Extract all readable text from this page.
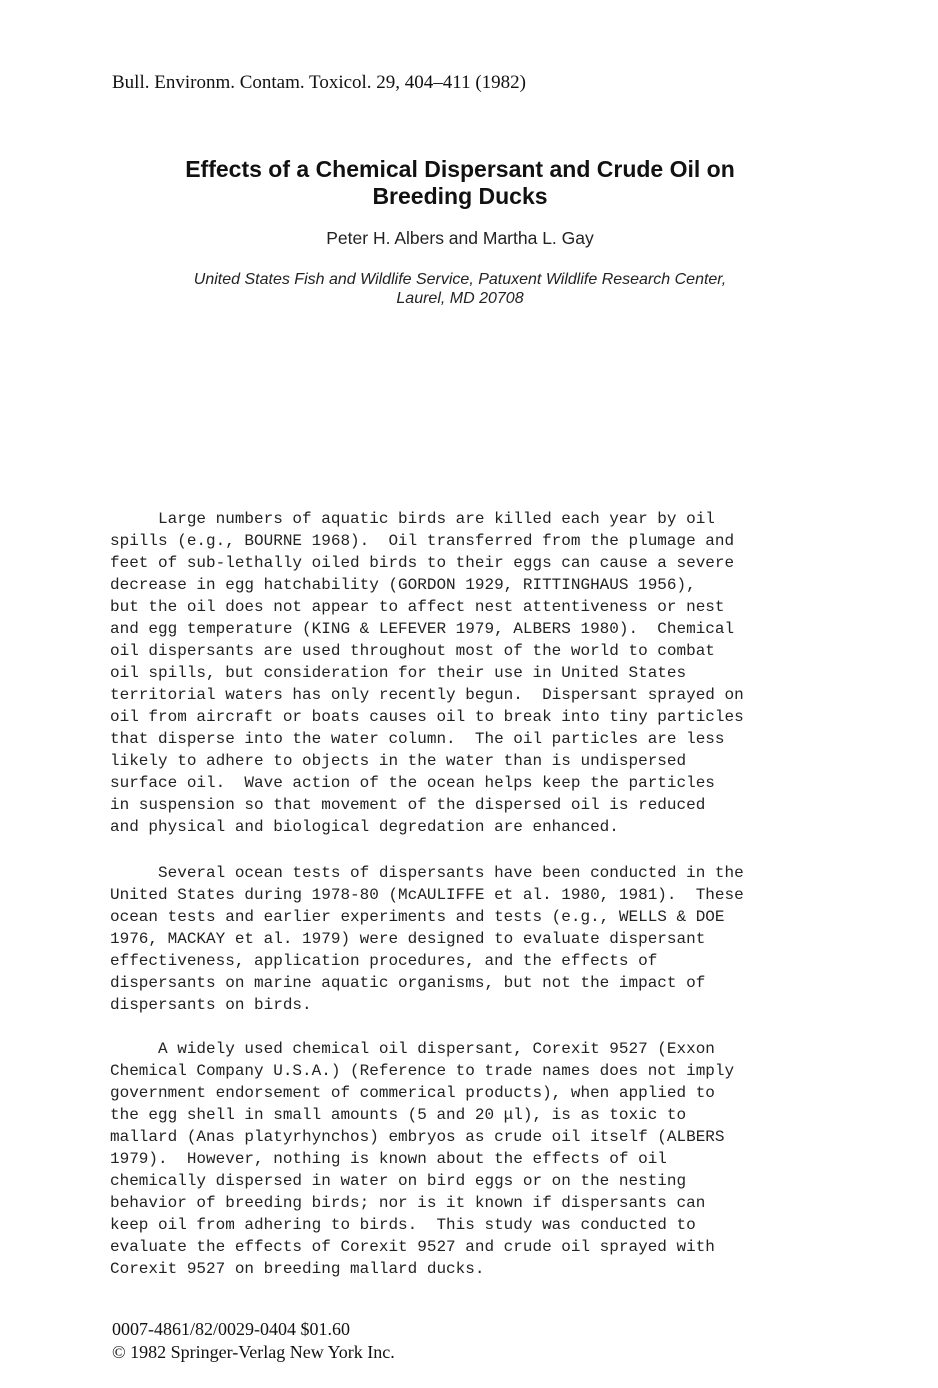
Bull. Environm. Contam. Toxicol. 29, 404–411 (1982)
Effects of a Chemical Dispersant and Crude Oil on
Breeding Ducks
Peter H. Albers and Martha L. Gay
United States Fish and Wildlife Service, Patuxent Wildlife Research Center,
Laurel, MD 20708
Large numbers of aquatic birds are killed each year by oil
spills (e.g., BOURNE 1968).  Oil transferred from the plumage and
feet of sub-lethally oiled birds to their eggs can cause a severe
decrease in egg hatchability (GORDON 1929, RITTINGHAUS 1956),
but the oil does not appear to affect nest attentiveness or nest
and egg temperature (KING & LEFEVER 1979, ALBERS 1980).  Chemical
oil dispersants are used throughout most of the world to combat
oil spills, but consideration for their use in United States
territorial waters has only recently begun.  Dispersant sprayed on
oil from aircraft or boats causes oil to break into tiny particles
that disperse into the water column.  The oil particles are less
likely to adhere to objects in the water than is undispersed
surface oil.  Wave action of the ocean helps keep the particles
in suspension so that movement of the dispersed oil is reduced
and physical and biological degredation are enhanced.
Several ocean tests of dispersants have been conducted in the
United States during 1978-80 (McAULIFFE et al. 1980, 1981).  These
ocean tests and earlier experiments and tests (e.g., WELLS & DOE
1976, MACKAY et al. 1979) were designed to evaluate dispersant
effectiveness, application procedures, and the effects of
dispersants on marine aquatic organisms, but not the impact of
dispersants on birds.
A widely used chemical oil dispersant, Corexit 9527 (Exxon
Chemical Company U.S.A.) (Reference to trade names does not imply
government endorsement of commerical products), when applied to
the egg shell in small amounts (5 and 20 μl), is as toxic to
mallard (Anas platyrhynchos) embryos as crude oil itself (ALBERS
1979).  However, nothing is known about the effects of oil
chemically dispersed in water on bird eggs or on the nesting
behavior of breeding birds; nor is it known if dispersants can
keep oil from adhering to birds.  This study was conducted to
evaluate the effects of Corexit 9527 and crude oil sprayed with
Corexit 9527 on breeding mallard ducks.
0007-4861/82/0029-0404 $01.60
© 1982 Springer-Verlag New York Inc.
